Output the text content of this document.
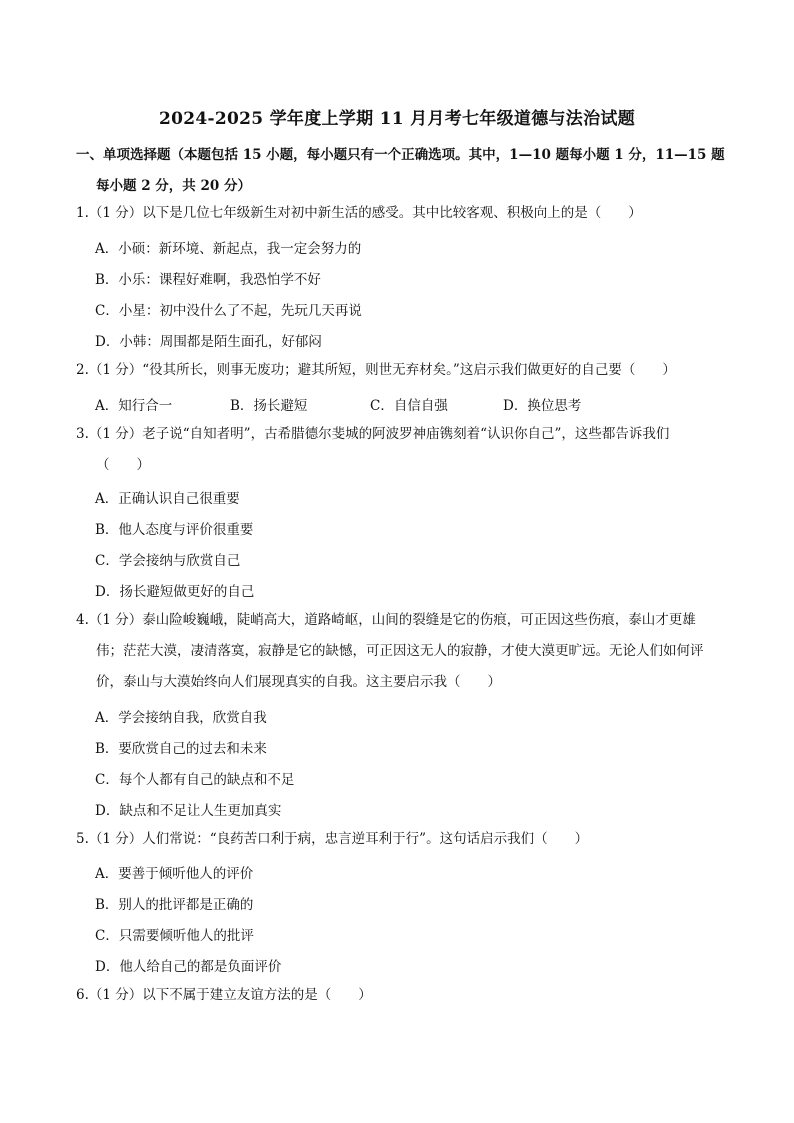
2024-2025 学年度上学期 11 月月考七年级道德与法治试题
一、单项选择题（本题包括 15 小题，每小题只有一个正确选项。其中，1—10 题每小题 1 分，11—15 题
每小题 2 分，共 20 分）
1.（1 分）以下是几位七年级新生对初中新生活的感受。其中比较客观、积极向上的是（　　）
A．小硕：新环境、新起点，我一定会努力的
B．小乐：课程好难啊，我恐怕学不好
C．小星：初中没什么了不起，先玩几天再说
D．小韩：周围都是陌生面孔，好郁闷
2.（1 分）“役其所长，则事无废功；避其所短，则世无弃材矣。”这启示我们做更好的自己要（　　）
A．知行合一	B．扬长避短	C．自信自强	D．换位思考
3.（1 分）老子说“自知者明”，古希腊德尔斐城的阿波罗神庙镌刻着“认识你自己”，这些都告诉我们
（　　）
A．正确认识自己很重要
B．他人态度与评价很重要
C．学会接纳与欣赏自己
D．扬长避短做更好的自己
4.（1 分）泰山险峻巍峨，陡峭高大，道路崎岖，山间的裂缝是它的伤痕，可正因这些伤痕，泰山才更雄
伟；茫茫大漠，凄清落寞，寂静是它的缺憾，可正因这无人的寂静，才使大漠更旷远。无论人们如何评
价，泰山与大漠始终向人们展现真实的自我。这主要启示我（　　）
A．学会接纳自我，欣赏自我
B．要欣赏自己的过去和未来
C．每个人都有自己的缺点和不足
D．缺点和不足让人生更加真实
5.（1 分）人们常说：“良药苦口利于病，忠言逆耳利于行”。这句话启示我们（　　）
A．要善于倾听他人的评价
B．别人的批评都是正确的
C．只需要倾听他人的批评
D．他人给自己的都是负面评价
6.（1 分）以下不属于建立友谊方法的是（　　）
